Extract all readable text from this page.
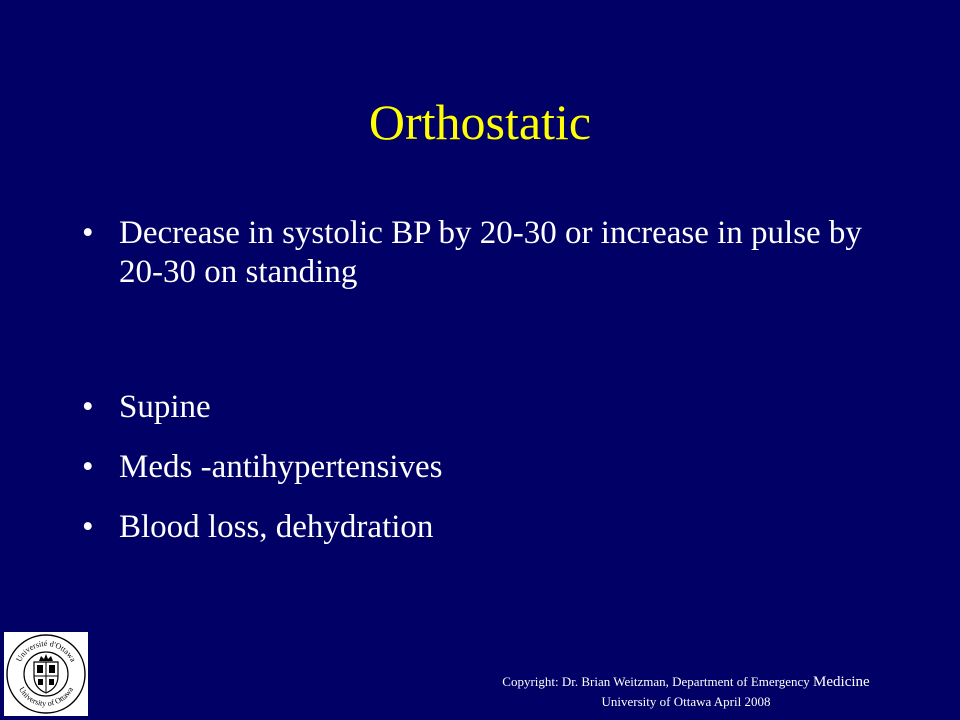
Orthostatic
• Decrease in systolic BP by 20-30 or increase in pulse by 20-30 on standing
• Supine
• Meds -antihypertensives
• Blood loss, dehydration
Université d'Ottawa
University of Ottawa
Copyright: Dr. Brian Weitzman, Department of Emergency Medicine
University of Ottawa April 2008
